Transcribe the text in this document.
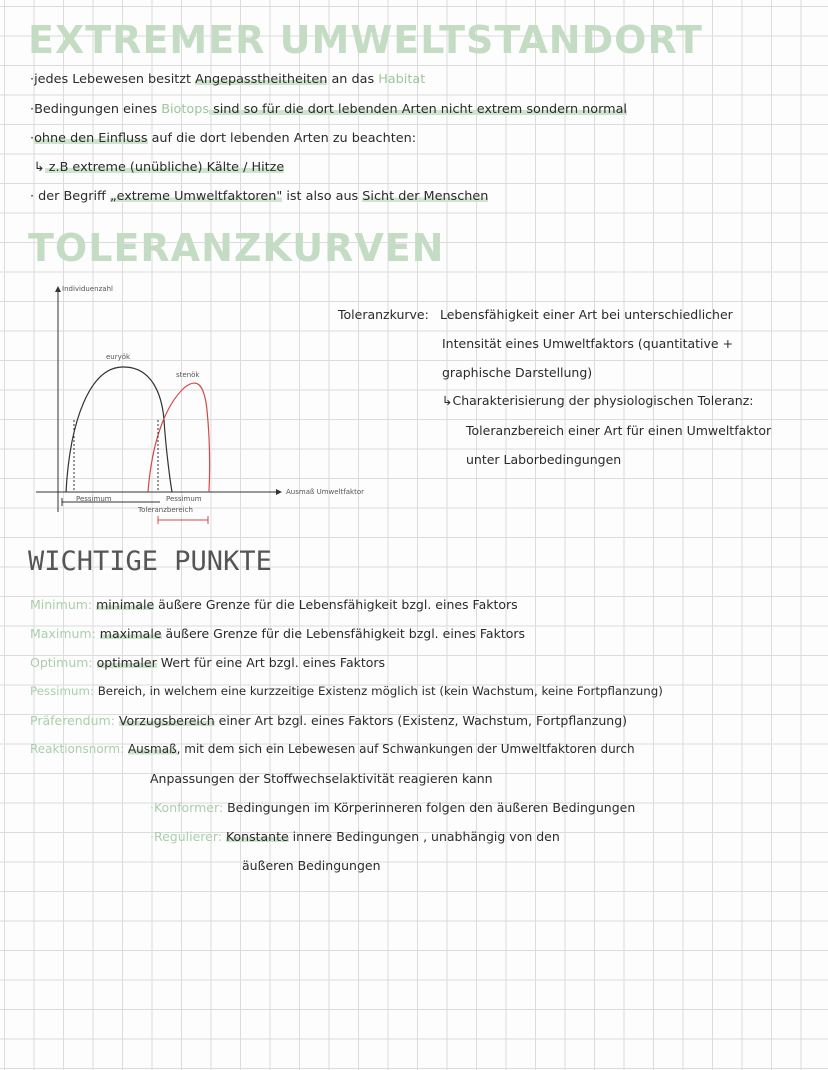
EXTREMER UMWELTSTANDORT
·jedes Lebewesen besitzt Angepasstheitheiten an das Habitat
·Bedingungen eines Biotops sind so für die dort lebenden Arten nicht extrem sondern normal
·ohne den Einfluss auf die dort lebenden Arten zu beachten:
↳ z.B extreme (unübliche) Kälte / Hitze
· der Begriff „extreme Umweltfaktoren" ist also aus Sicht der Menschen
TOLERANZKURVEN
Individuenzahl
euryök
stenök
Ausmaß Umweltfaktor
Pessimum	Pessimum
Toleranzbereich
Toleranzkurve: Lebensfähigkeit einer Art bei unterschiedlicher
Intensität eines Umweltfaktors (quantitative +
graphische Darstellung)
↳Charakterisierung der physiologischen Toleranz:
Toleranzbereich einer Art für einen Umweltfaktor
unter Laborbedingungen
WICHTIGE PUNKTE
Minimum: minimale äußere Grenze für die Lebensfähigkeit bzgl. eines Faktors
Maximum: maximale äußere Grenze für die Lebensfähigkeit bzgl. eines Faktors
Optimum: optimaler Wert für eine Art bzgl. eines Faktors
Pessimum: Bereich, in welchem eine kurzzeitige Existenz möglich ist (kein Wachstum, keine Fortpflanzung)
Präferendum: Vorzugsbereich einer Art bzgl. eines Faktors (Existenz, Wachstum, Fortpflanzung)
Reaktionsnorm: Ausmaß, mit dem sich ein Lebewesen auf Schwankungen der Umweltfaktoren durch
Anpassungen der Stoffwechselaktivität reagieren kann
·Konformer: Bedingungen im Körperinneren folgen den äußeren Bedingungen
·Regulierer: Konstante innere Bedingungen , unabhängig von den
äußeren Bedingungen
